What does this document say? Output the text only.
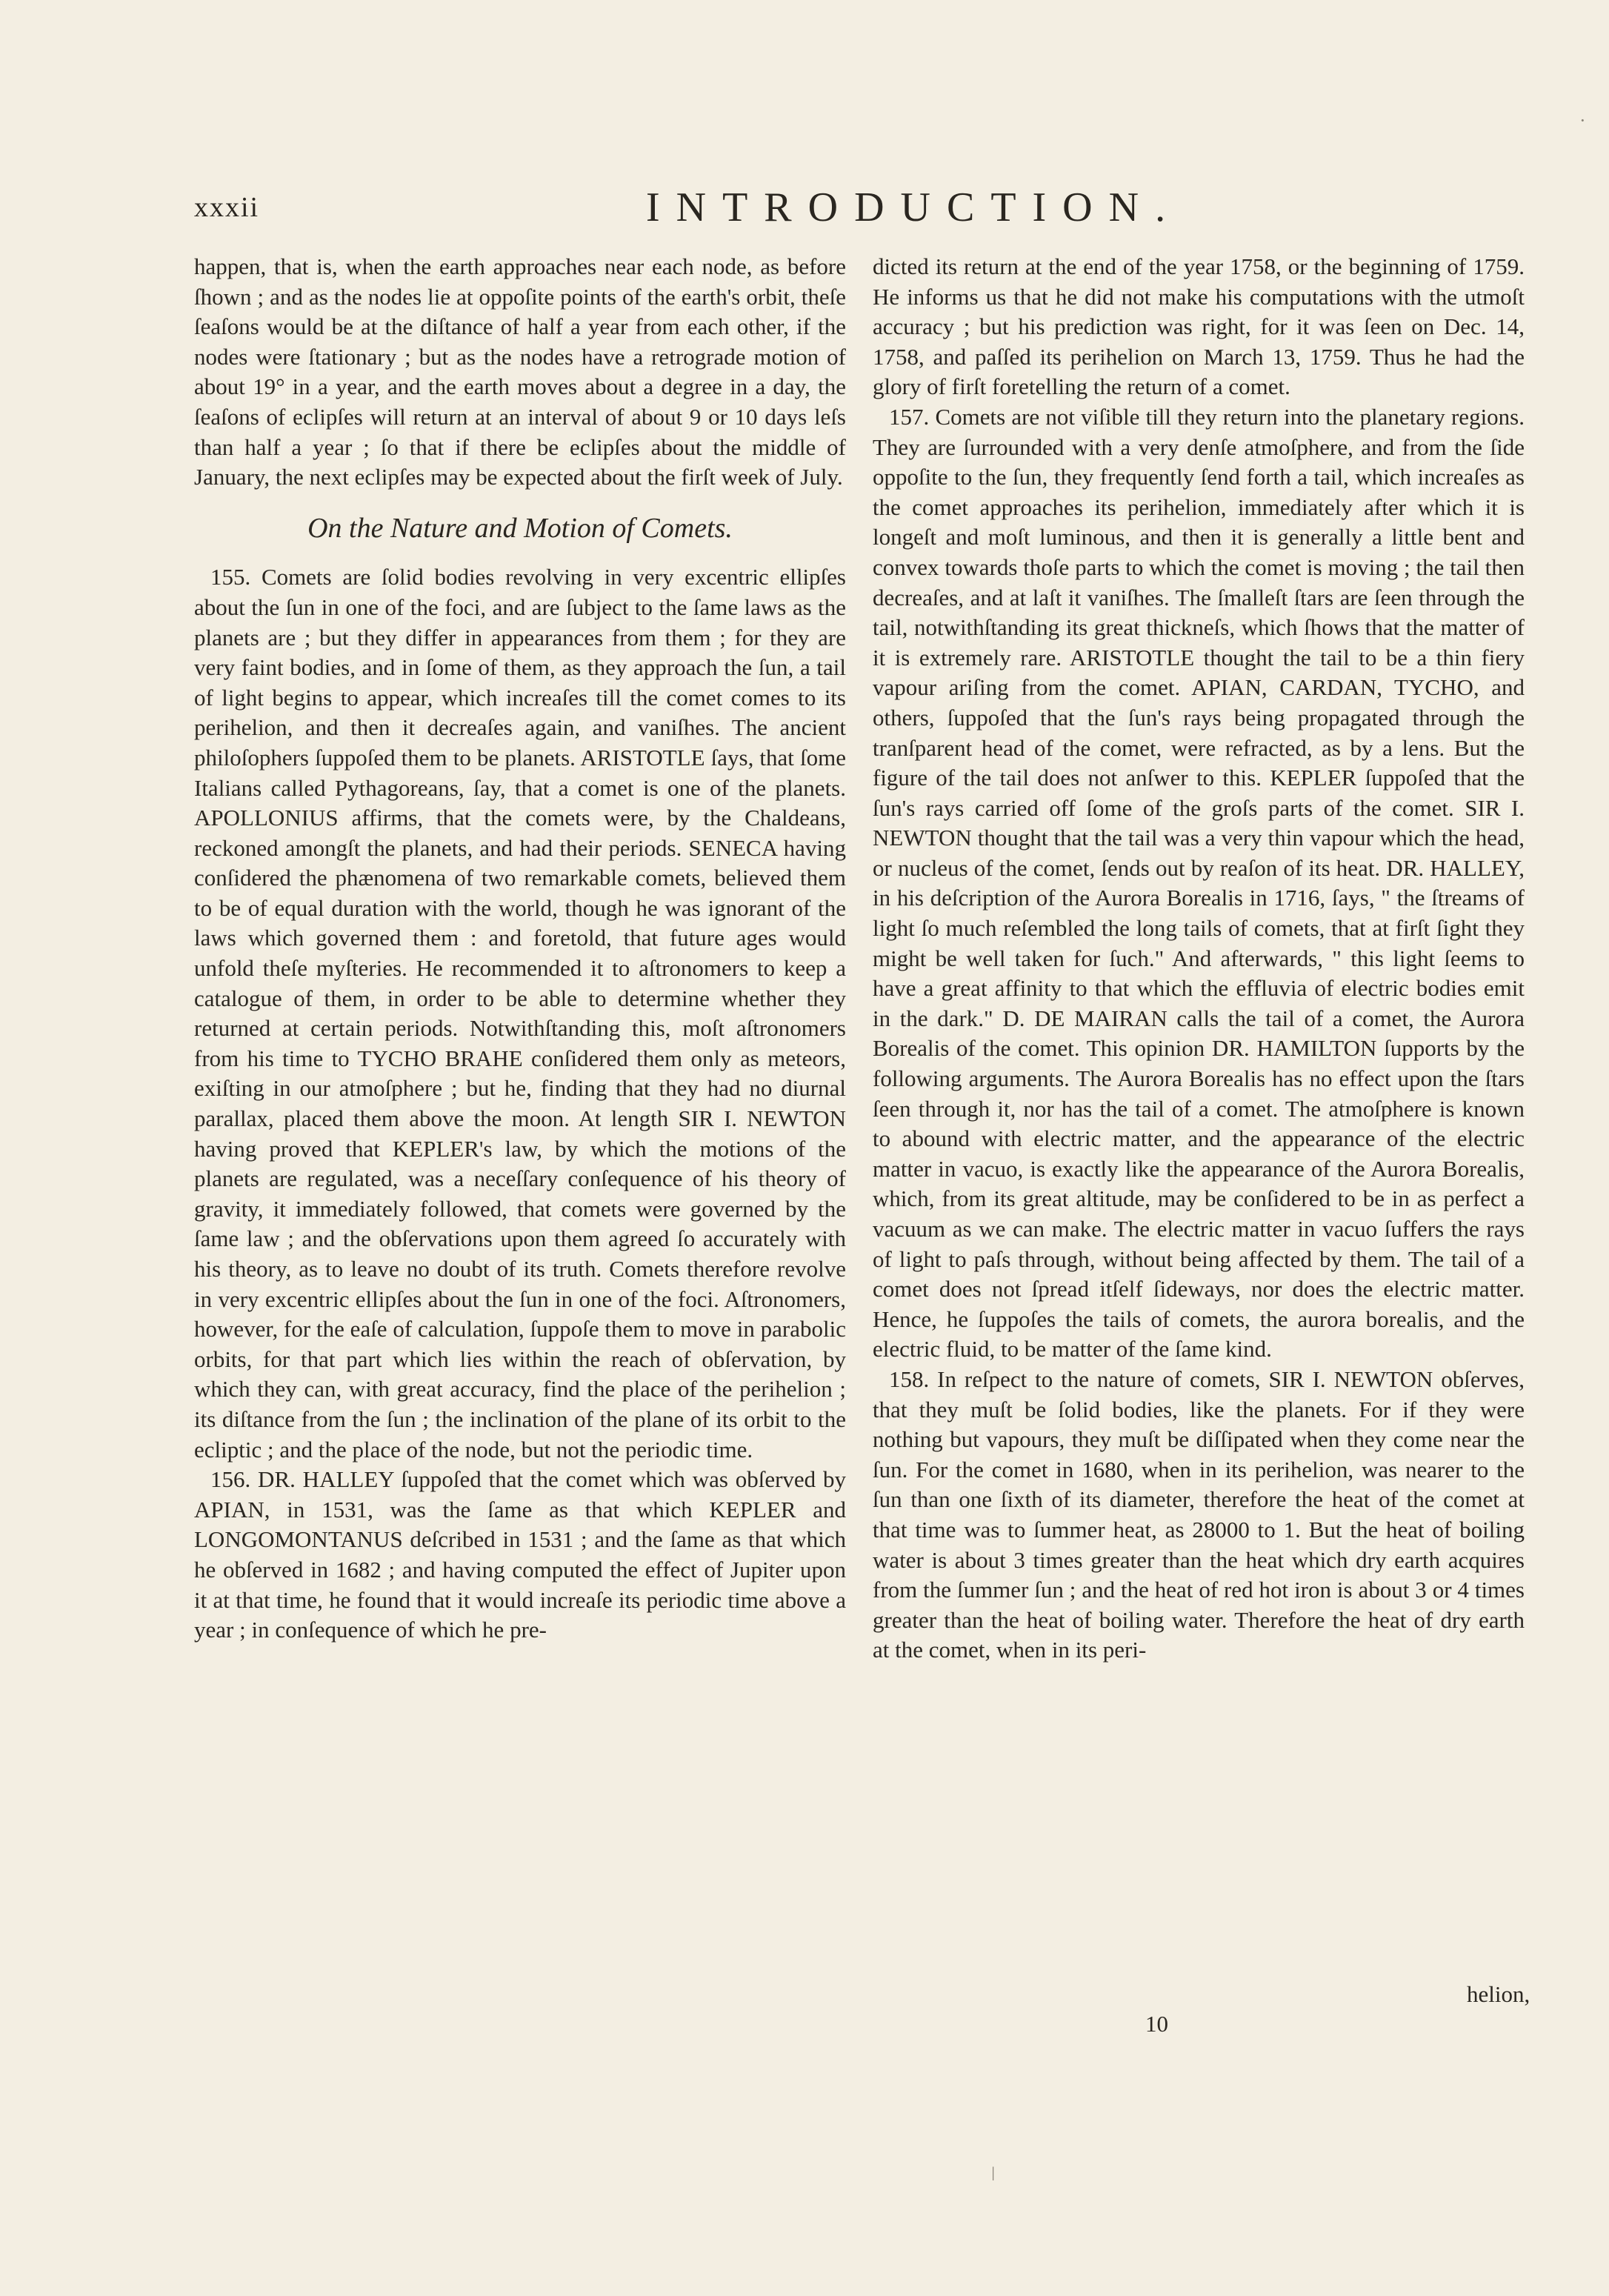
xxxii	INTRODUCTION.

happen, that is, when the earth approaches near each node, as before ſhown ; and as the nodes lie at oppoſite points of the earth's orbit, theſe ſeaſons would be at the diſtance of half a year from each other, if the nodes were ſtationary ; but as the nodes have a retrograde motion of about 19° in a year, and the earth moves about a degree in a day, the ſeaſons of eclipſes will return at an interval of about 9 or 10 days leſs than half a year ; ſo that if there be eclipſes about the middle of January, the next eclipſes may be expected about the firſt week of July.

On the Nature and Motion of Comets.

155. Comets are ſolid bodies revolving in very excentric ellipſes about the ſun in one of the foci, and are ſubject to the ſame laws as the planets are ; but they differ in appearances from them ; for they are very faint bodies, and in ſome of them, as they approach the ſun, a tail of light begins to appear, which increaſes till the comet comes to its perihelion, and then it decreaſes again, and vaniſhes. The ancient philoſophers ſuppoſed them to be planets. ARISTOTLE ſays, that ſome Italians called Pythagoreans, ſay, that a comet is one of the planets. APOLLONIUS affirms, that the comets were, by the Chaldeans, reckoned amongſt the planets, and had their periods. SENECA having conſidered the phænomena of two remarkable comets, believed them to be of equal duration with the world, though he was ignorant of the laws which governed them : and foretold, that future ages would unfold theſe myſteries. He recommended it to aſtronomers to keep a catalogue of them, in order to be able to determine whether they returned at certain periods. Notwithſtanding this, moſt aſtronomers from his time to TYCHO BRAHE conſidered them only as meteors, exiſting in our atmoſphere ; but he, finding that they had no diurnal parallax, placed them above the moon. At length SIR I. NEWTON having proved that KEPLER's law, by which the motions of the planets are regulated, was a neceſſary conſequence of his theory of gravity, it immediately followed, that comets were governed by the ſame law ; and the obſervations upon them agreed ſo accurately with his theory, as to leave no doubt of its truth. Comets therefore revolve in very excentric ellipſes about the ſun in one of the foci. Aſtronomers, however, for the eaſe of calculation, ſuppoſe them to move in parabolic orbits, for that part which lies within the reach of obſervation, by which they can, with great accuracy, find the place of the perihelion ; its diſtance from the ſun ; the inclination of the plane of its orbit to the ecliptic ; and the place of the node, but not the periodic time.

156. DR. HALLEY ſuppoſed that the comet which was obſerved by APIAN, in 1531, was the ſame as that which KEPLER and LONGOMONTANUS deſcribed in 1531 ; and the ſame as that which he obſerved in 1682 ; and having computed the effect of Jupiter upon it at that time, he found that it would increaſe its periodic time above a year ; in conſequence of which he pre-

dicted its return at the end of the year 1758, or the beginning of 1759. He informs us that he did not make his computations with the utmoſt accuracy ; but his prediction was right, for it was ſeen on Dec. 14, 1758, and paſſed its perihelion on March 13, 1759. Thus he had the glory of firſt foretelling the return of a comet.

157. Comets are not viſible till they return into the planetary regions. They are ſurrounded with a very denſe atmoſphere, and from the ſide oppoſite to the ſun, they frequently ſend forth a tail, which increaſes as the comet approaches its perihelion, immediately after which it is longeſt and moſt luminous, and then it is generally a little bent and convex towards thoſe parts to which the comet is moving ; the tail then decreaſes, and at laſt it vaniſhes. The ſmalleſt ſtars are ſeen through the tail, notwithſtanding its great thickneſs, which ſhows that the matter of it is extremely rare. ARISTOTLE thought the tail to be a thin fiery vapour ariſing from the comet. APIAN, CARDAN, TYCHO, and others, ſuppoſed that the ſun's rays being propagated through the tranſparent head of the comet, were refracted, as by a lens. But the figure of the tail does not anſwer to this. KEPLER ſuppoſed that the ſun's rays carried off ſome of the groſs parts of the comet. SIR I. NEWTON thought that the tail was a very thin vapour which the head, or nucleus of the comet, ſends out by reaſon of its heat. DR. HALLEY, in his deſcription of the Aurora Borealis in 1716, ſays, " the ſtreams of light ſo much reſembled the long tails of comets, that at firſt ſight they might be well taken for ſuch." And afterwards, " this light ſeems to have a great affinity to that which the effluvia of electric bodies emit in the dark." D. DE MAIRAN calls the tail of a comet, the Aurora Borealis of the comet. This opinion DR. HAMILTON ſupports by the following arguments. The Aurora Borealis has no effect upon the ſtars ſeen through it, nor has the tail of a comet. The atmoſphere is known to abound with electric matter, and the appearance of the electric matter in vacuo, is exactly like the appearance of the Aurora Borealis, which, from its great altitude, may be conſidered to be in as perfect a vacuum as we can make. The electric matter in vacuo ſuffers the rays of light to paſs through, without being affected by them. The tail of a comet does not ſpread itſelf ſideways, nor does the electric matter. Hence, he ſuppoſes the tails of comets, the aurora borealis, and the electric fluid, to be matter of the ſame kind.

158. In reſpect to the nature of comets, SIR I. NEWTON obſerves, that they muſt be ſolid bodies, like the planets. For if they were nothing but vapours, they muſt be diſſipated when they come near the ſun. For the comet in 1680, when in its perihelion, was nearer to the ſun than one ſixth of its diameter, therefore the heat of the comet at that time was to ſummer heat, as 28000 to 1. But the heat of boiling water is about 3 times greater than the heat which dry earth acquires from the ſummer ſun ; and the heat of red hot iron is about 3 or 4 times greater than the heat of boiling water. Therefore the heat of dry earth at the comet, when in its peri-

helion,
10
·
ǀ
